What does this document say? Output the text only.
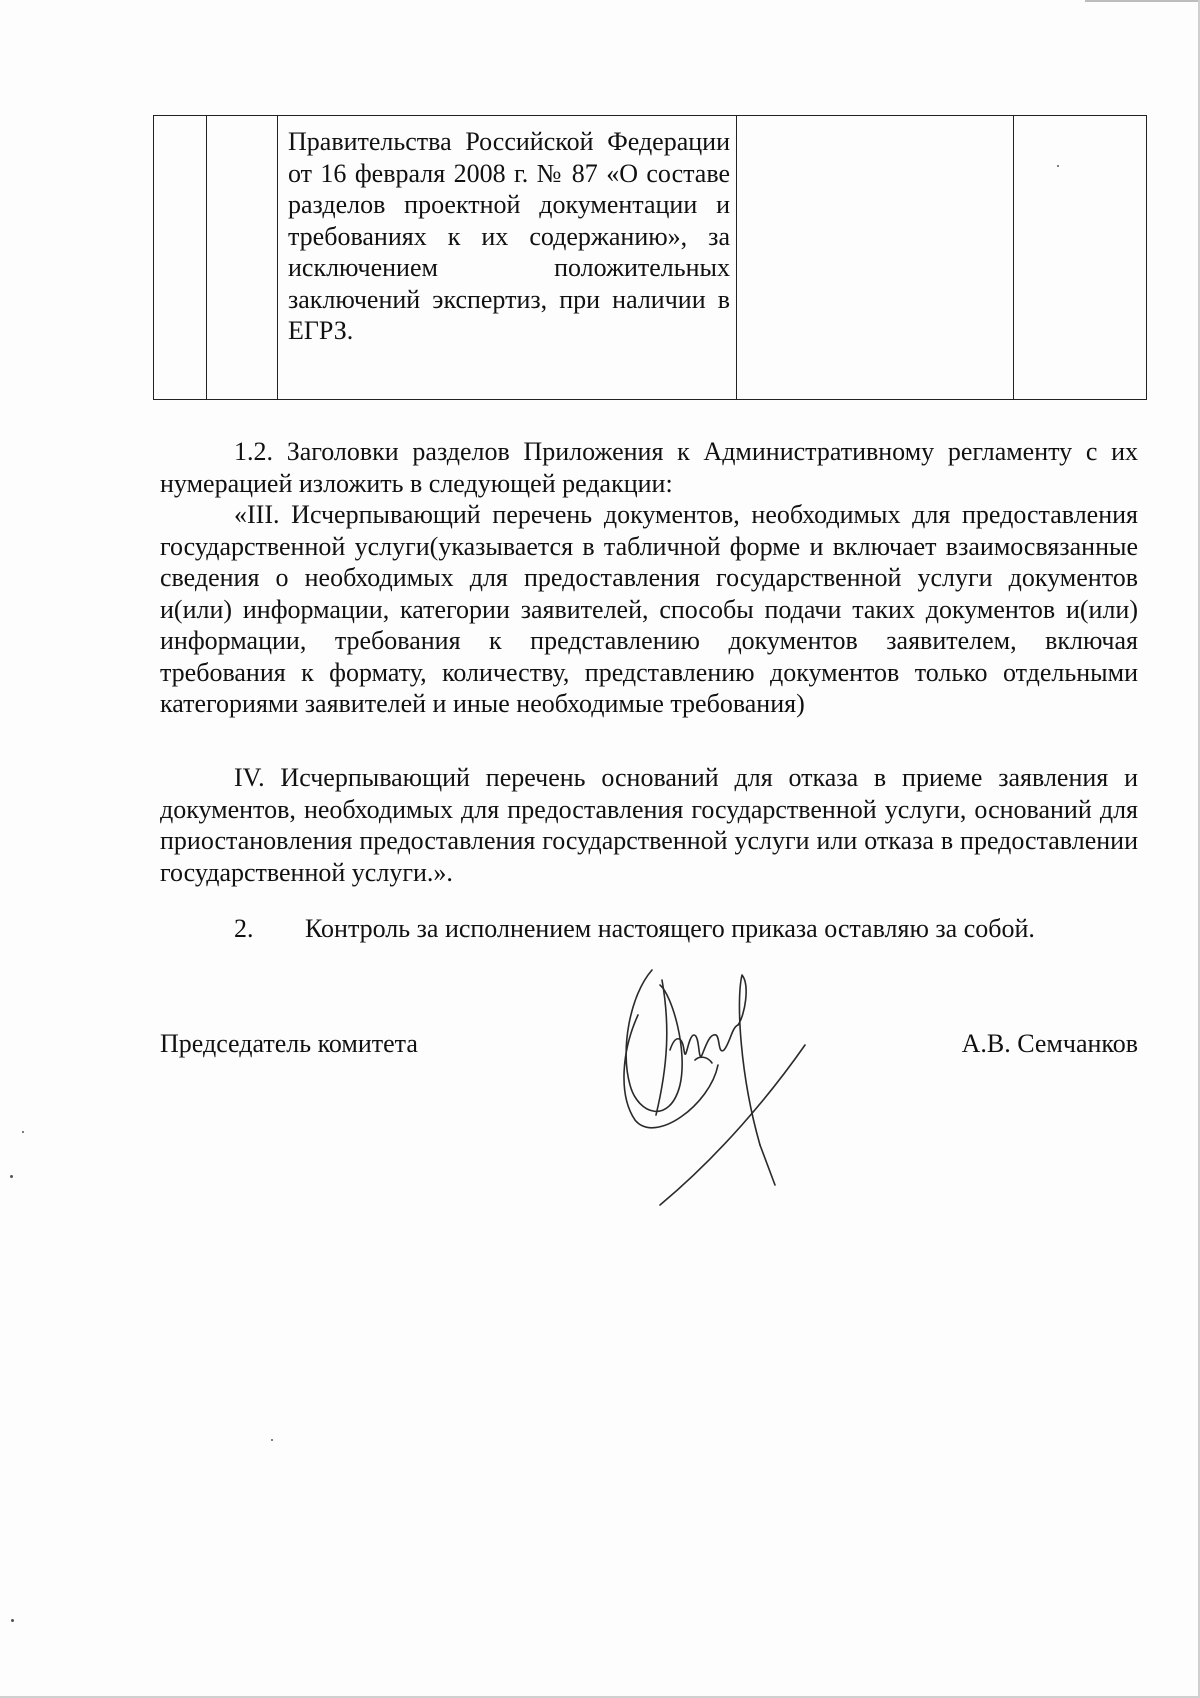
Правительства Российской Федерации от 16 февраля 2008 г. № 87 «О составе разделов проектной документации и требованиях к их содержанию», за исключением положительных заключений экспертиз, при наличии в ЕГРЗ.

1.2. Заголовки разделов Приложения к Административному регламенту с их нумерацией изложить в следующей редакции:

«III. Исчерпывающий перечень документов, необходимых для предоставления государственной услуги(указывается в табличной форме и включает взаимосвязанные сведения о необходимых для предоставления государственной услуги документов и(или) информации, категории заявителей, способы подачи таких документов и(или) информации, требования к представлению документов заявителем, включая требования к формату, количеству, представлению документов только отдельными категориями заявителей и иные необходимые требования)

IV. Исчерпывающий перечень оснований для отказа в приеме заявления и документов, необходимых для предоставления государственной услуги, оснований для приостановления предоставления государственной услуги или отказа в предоставлении государственной услуги.».

2. Контроль за исполнением настоящего приказа оставляю за собой.
Председатель комитета	А.В. Семчанков
